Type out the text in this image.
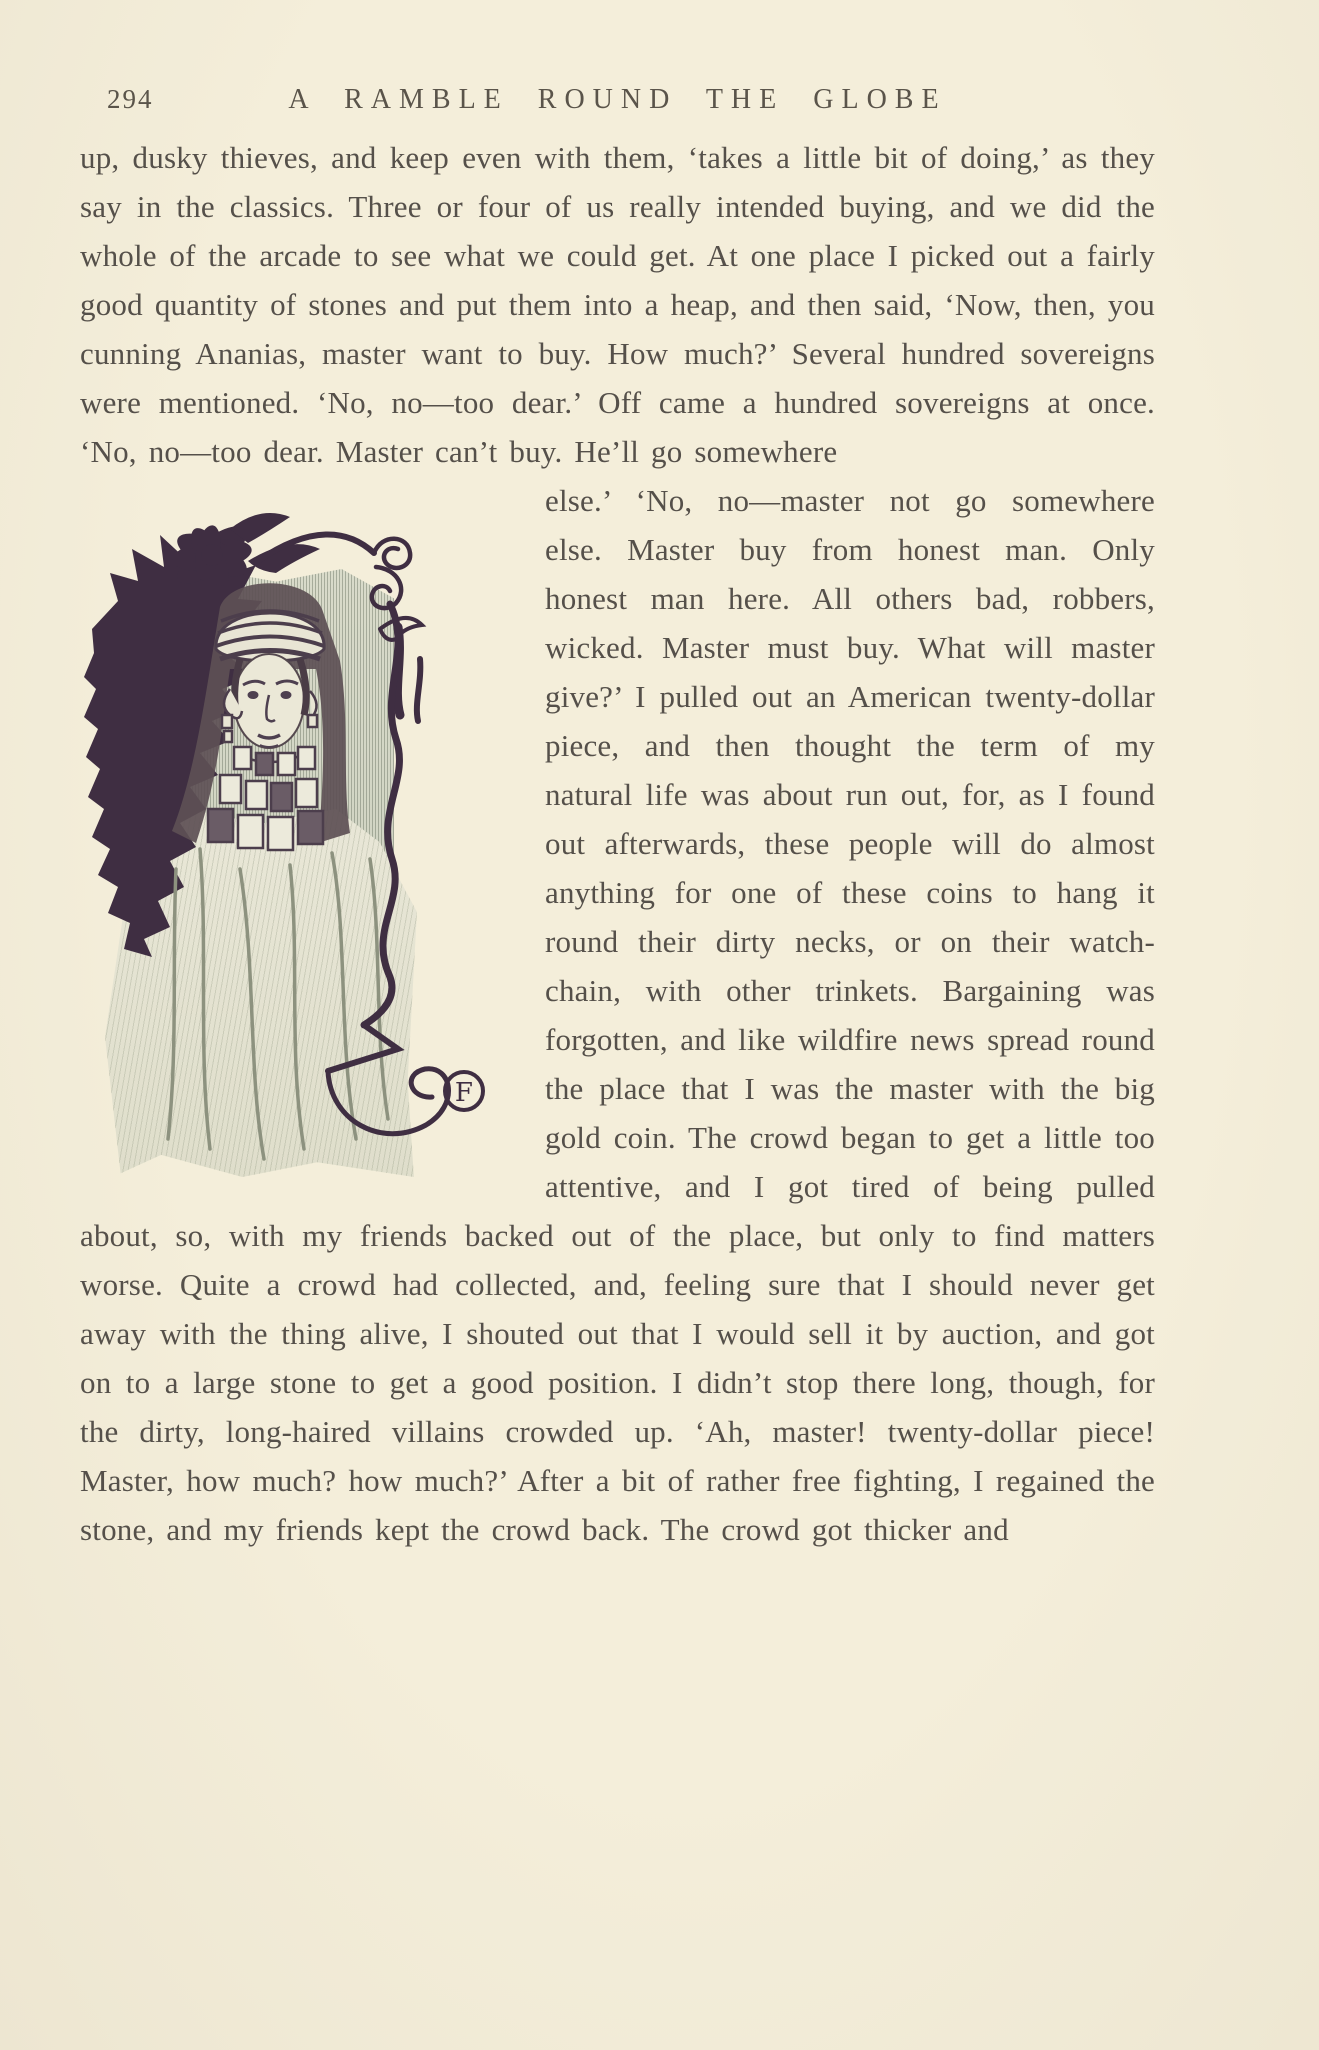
294	A RAMBLE ROUND THE GLOBE

up, dusky thieves, and keep even with them, ‘takes a little bit of doing,’ as they say in the classics. Three or four of us really intended buying, and we did the whole of the arcade to see what we could get. At one place I picked out a fairly good quantity of stones and put them into a heap, and then said, ‘Now, then, you cunning Ananias, master want to buy. How much?’ Several hundred sovereigns were mentioned. ‘No, no—too dear.’ Off came a hundred sovereigns at once. ‘No, no—too dear. Master can’t buy. He’ll go somewhere

F
else.’ ‘No, no—master not go somewhere else. Master buy from honest man. Only honest man here. All others bad, robbers, wicked. Master must buy. What will master give?’ I pulled out an American twenty-dollar piece, and then thought the term of my natural life was about run out, for, as I found out afterwards, these people will do almost anything for one of these coins to hang it round their dirty necks, or on their watch-chain, with other trinkets. Bargaining was forgotten, and like wildfire news spread round the place that I was the master with the big gold coin. The crowd began to get a little too attentive, and I got tired of being pulled about, so, with my friends backed out of the place, but only to find matters worse. Quite a crowd had collected, and, feeling sure that I should never get away with the thing alive, I shouted out that I would sell it by auction, and got on to a large stone to get a good position. I didn’t stop there long, though, for the dirty, long-haired villains crowded up. ‘Ah, master! twenty-dollar piece! Master, how much? how much?’ After a bit of rather free fighting, I regained the stone, and my friends kept the crowd back. The crowd got thicker and
